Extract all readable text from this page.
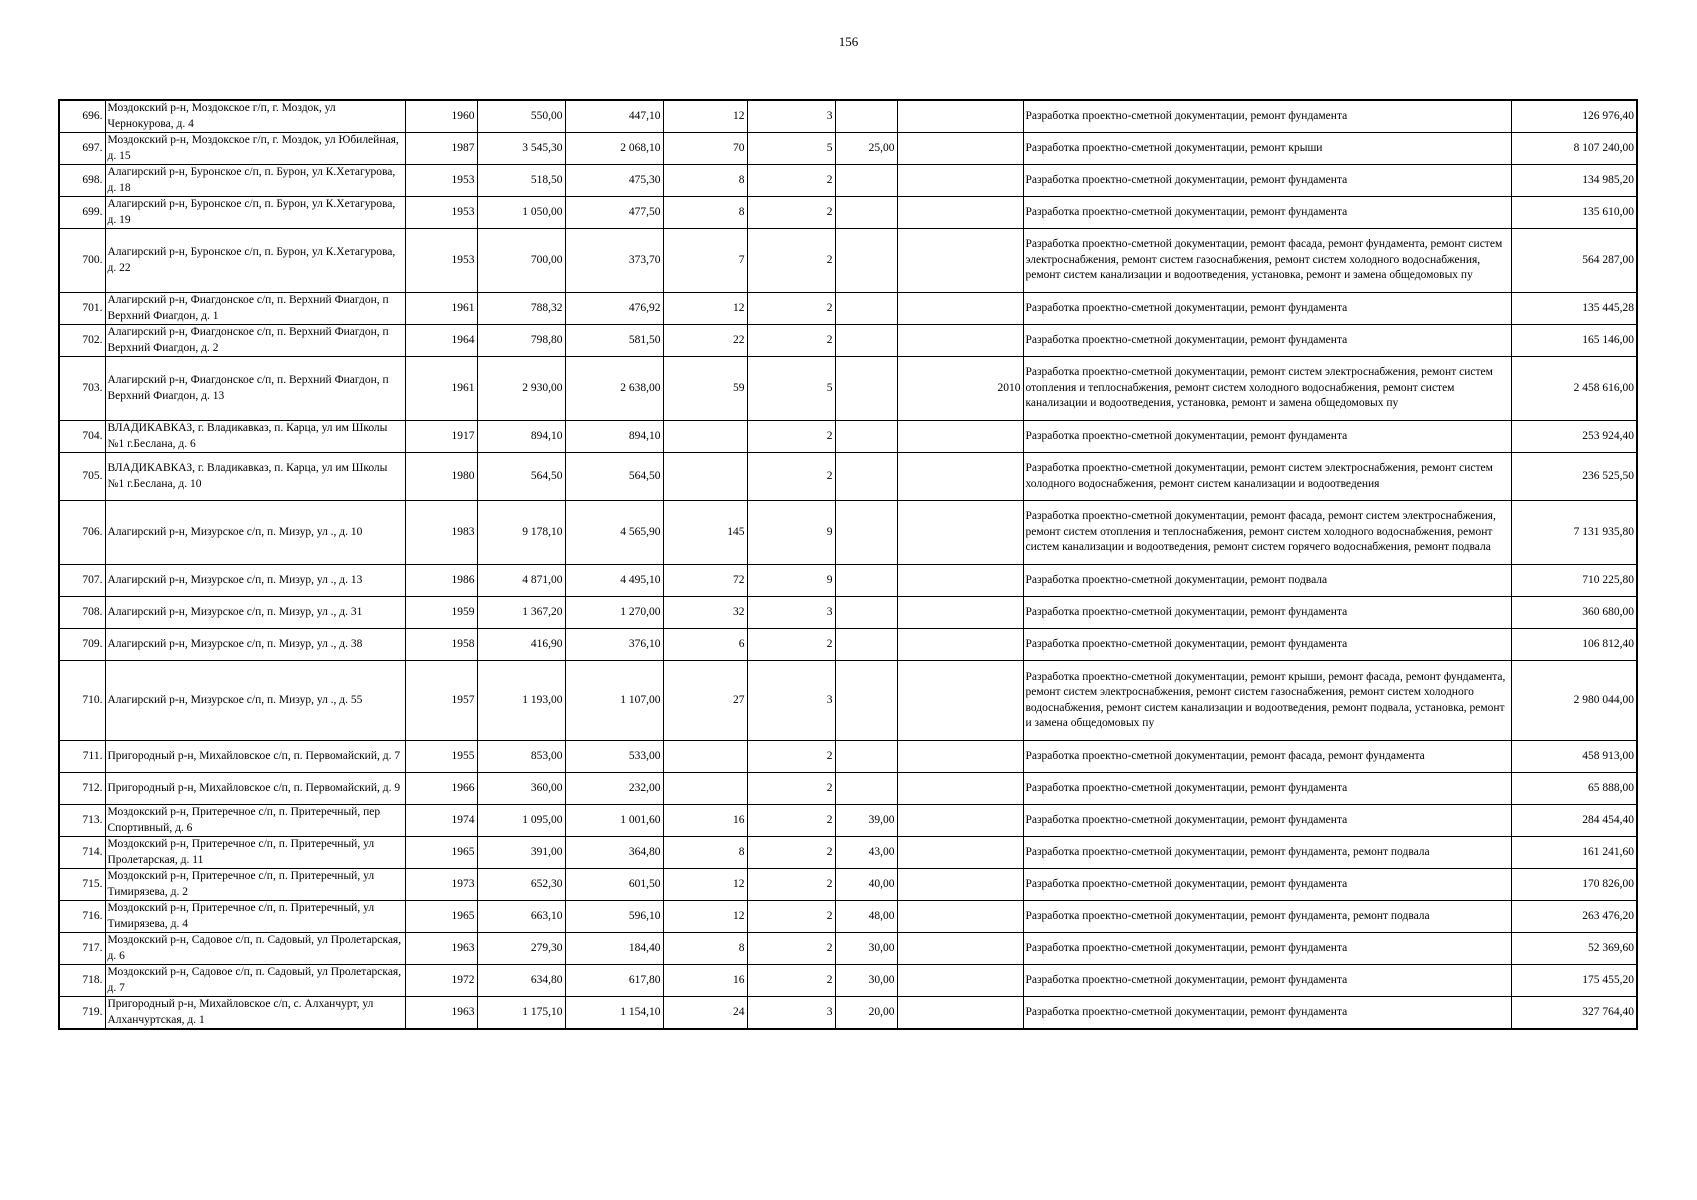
156
696.	Моздокский р-н, Моздокское г/п, г. Моздок, ул Чернокурова, д. 4	1960	550,00	447,10	12	3			Разработка проектно-сметной документации, ремонт фундамента	126 976,40
697.	Моздокский р-н, Моздокское г/п, г. Моздок, ул Юбилейная, д. 15	1987	3 545,30	2 068,10	70	5	25,00		Разработка проектно-сметной документации, ремонт крыши	8 107 240,00
698.	Алагирский р-н, Буронское с/п, п. Бурон, ул К.Хетагурова, д. 18	1953	518,50	475,30	8	2			Разработка проектно-сметной документации, ремонт фундамента	134 985,20
699.	Алагирский р-н, Буронское с/п, п. Бурон, ул К.Хетагурова, д. 19	1953	1 050,00	477,50	8	2			Разработка проектно-сметной документации, ремонт фундамента	135 610,00
700.	Алагирский р-н, Буронское с/п, п. Бурон, ул К.Хетагурова, д. 22	1953	700,00	373,70	7	2			Разработка проектно-сметной документации, ремонт фасада, ремонт фундамента, ремонт систем электроснабжения, ремонт систем газоснабжения, ремонт систем холодного водоснабжения, ремонт систем канализации и водоотведения, установка, ремонт и замена общедомовых пу	564 287,00
701.	Алагирский р-н, Фиагдонское с/п, п. Верхний Фиагдон, п Верхний Фиагдон, д. 1	1961	788,32	476,92	12	2			Разработка проектно-сметной документации, ремонт фундамента	135 445,28
702.	Алагирский р-н, Фиагдонское с/п, п. Верхний Фиагдон, п Верхний Фиагдон, д. 2	1964	798,80	581,50	22	2			Разработка проектно-сметной документации, ремонт фундамента	165 146,00
703.	Алагирский р-н, Фиагдонское с/п, п. Верхний Фиагдон, п Верхний Фиагдон, д. 13	1961	2 930,00	2 638,00	59	5		2010	Разработка проектно-сметной документации, ремонт систем электроснабжения, ремонт систем отопления и теплоснабжения, ремонт систем холодного водоснабжения, ремонт систем канализации и водоотведения, установка, ремонт и замена общедомовых пу	2 458 616,00
704.	ВЛАДИКАВКАЗ, г. Владикавказ, п. Карца, ул им Школы №1 г.Беслана, д. 6	1917	894,10	894,10		2			Разработка проектно-сметной документации, ремонт фундамента	253 924,40
705.	ВЛАДИКАВКАЗ, г. Владикавказ, п. Карца, ул им Школы №1 г.Беслана, д. 10	1980	564,50	564,50		2			Разработка проектно-сметной документации, ремонт систем электроснабжения, ремонт систем холодного водоснабжения, ремонт систем канализации и водоотведения	236 525,50
706.	Алагирский р-н, Мизурское с/п, п. Мизур, ул ., д. 10	1983	9 178,10	4 565,90	145	9			Разработка проектно-сметной документации, ремонт фасада, ремонт систем электроснабжения, ремонт систем отопления и теплоснабжения, ремонт систем холодного водоснабжения, ремонт систем канализации и водоотведения, ремонт систем горячего водоснабжения, ремонт подвала	7 131 935,80
707.	Алагирский р-н, Мизурское с/п, п. Мизур, ул ., д. 13	1986	4 871,00	4 495,10	72	9			Разработка проектно-сметной документации, ремонт подвала	710 225,80
708.	Алагирский р-н, Мизурское с/п, п. Мизур, ул ., д. 31	1959	1 367,20	1 270,00	32	3			Разработка проектно-сметной документации, ремонт фундамента	360 680,00
709.	Алагирский р-н, Мизурское с/п, п. Мизур, ул ., д. 38	1958	416,90	376,10	6	2			Разработка проектно-сметной документации, ремонт фундамента	106 812,40
710.	Алагирский р-н, Мизурское с/п, п. Мизур, ул ., д. 55	1957	1 193,00	1 107,00	27	3			Разработка проектно-сметной документации, ремонт крыши, ремонт фасада, ремонт фундамента, ремонт систем электроснабжения, ремонт систем газоснабжения, ремонт систем холодного водоснабжения, ремонт систем канализации и водоотведения, ремонт подвала, установка, ремонт и замена общедомовых пу	2 980 044,00
711.	Пригородный р-н, Михайловское с/п, п. Первомайский, д. 7	1955	853,00	533,00		2			Разработка проектно-сметной документации, ремонт фасада, ремонт фундамента	458 913,00
712.	Пригородный р-н, Михайловское с/п, п. Первомайский, д. 9	1966	360,00	232,00		2			Разработка проектно-сметной документации, ремонт фундамента	65 888,00
713.	Моздокский р-н, Притеречное с/п, п. Притеречный, пер Спортивный, д. 6	1974	1 095,00	1 001,60	16	2	39,00		Разработка проектно-сметной документации, ремонт фундамента	284 454,40
714.	Моздокский р-н, Притеречное с/п, п. Притеречный, ул Пролетарская, д. 11	1965	391,00	364,80	8	2	43,00		Разработка проектно-сметной документации, ремонт фундамента, ремонт подвала	161 241,60
715.	Моздокский р-н, Притеречное с/п, п. Притеречный, ул Тимирязева, д. 2	1973	652,30	601,50	12	2	40,00		Разработка проектно-сметной документации, ремонт фундамента	170 826,00
716.	Моздокский р-н, Притеречное с/п, п. Притеречный, ул Тимирязева, д. 4	1965	663,10	596,10	12	2	48,00		Разработка проектно-сметной документации, ремонт фундамента, ремонт подвала	263 476,20
717.	Моздокский р-н, Садовое с/п, п. Садовый, ул Пролетарская, д. 6	1963	279,30	184,40	8	2	30,00		Разработка проектно-сметной документации, ремонт фундамента	52 369,60
718.	Моздокский р-н, Садовое с/п, п. Садовый, ул Пролетарская, д. 7	1972	634,80	617,80	16	2	30,00		Разработка проектно-сметной документации, ремонт фундамента	175 455,20
719.	Пригородный р-н, Михайловское с/п, с. Алханчурт, ул Алханчуртская, д. 1	1963	1 175,10	1 154,10	24	3	20,00		Разработка проектно-сметной документации, ремонт фундамента	327 764,40
